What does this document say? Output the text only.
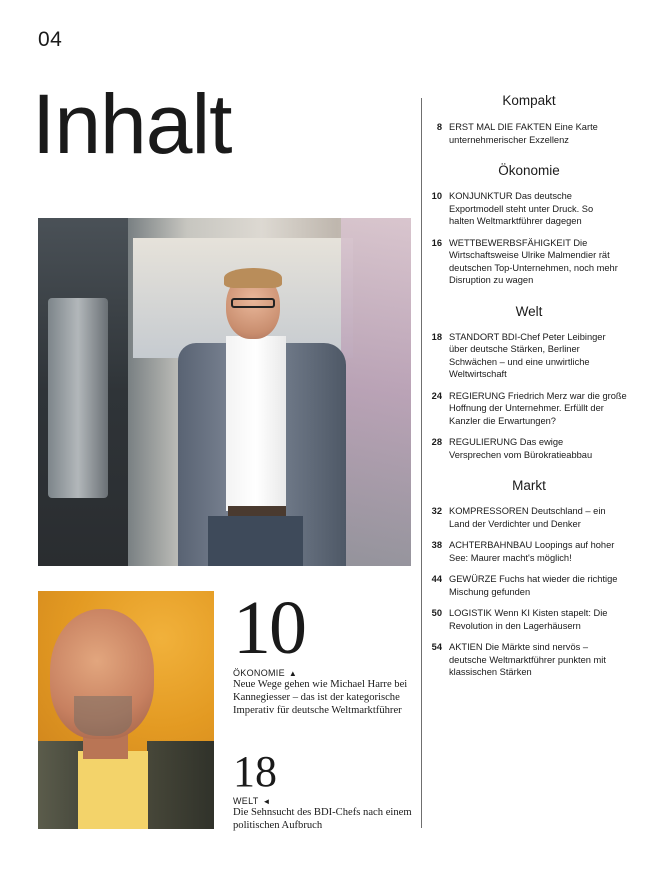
04
Inhalt	Kompakt
8 ERST MAL DIE FAKTEN Eine Karte unternehmerischer Exzellenz
Ökonomie
10 KONJUNKTUR Das deutsche Exportmodell steht unter Druck. So halten Weltmarktführer dagegen
16 WETTBEWERBSFÄHIGKEIT Die Wirtschaftsweise Ulrike Malmendier rät deutschen Top-Unternehmen, noch mehr Disruption zu wagen
Welt
18 STANDORT BDI-Chef Peter Leibinger über deutsche Stärken, Berliner Schwächen – und eine unwirtliche Weltwirtschaft
24 REGIERUNG Friedrich Merz war die große Hoffnung der Unternehmer. Erfüllt der Kanzler die Erwartungen?
28 REGULIERUNG Das ewige Versprechen vom Bürokratieabbau
Markt
32 KOMPRESSOREN Deutschland – ein Land der Verdichter und Denker
38 ACHTERBAHNBAU Loopings auf hoher See: Maurer macht's möglich!
44 GEWÜRZE Fuchs hat wieder die richtige Mischung gefunden
50 LOGISTIK Wenn KI Kisten stapelt: Die Revolution in den Lagerhäusern
54 AKTIEN Die Märkte sind nervös – deutsche Weltmarktführer punkten mit klassischen Stärken
10
ÖKONOMIE ▲
Neue Wege gehen wie Michael Harre bei Kannegiesser – das ist der kategorische Imperativ für deutsche Weltmarktführer
18
WELT ◄
Die Sehnsucht des BDI-Chefs nach einem politischen Aufbruch
